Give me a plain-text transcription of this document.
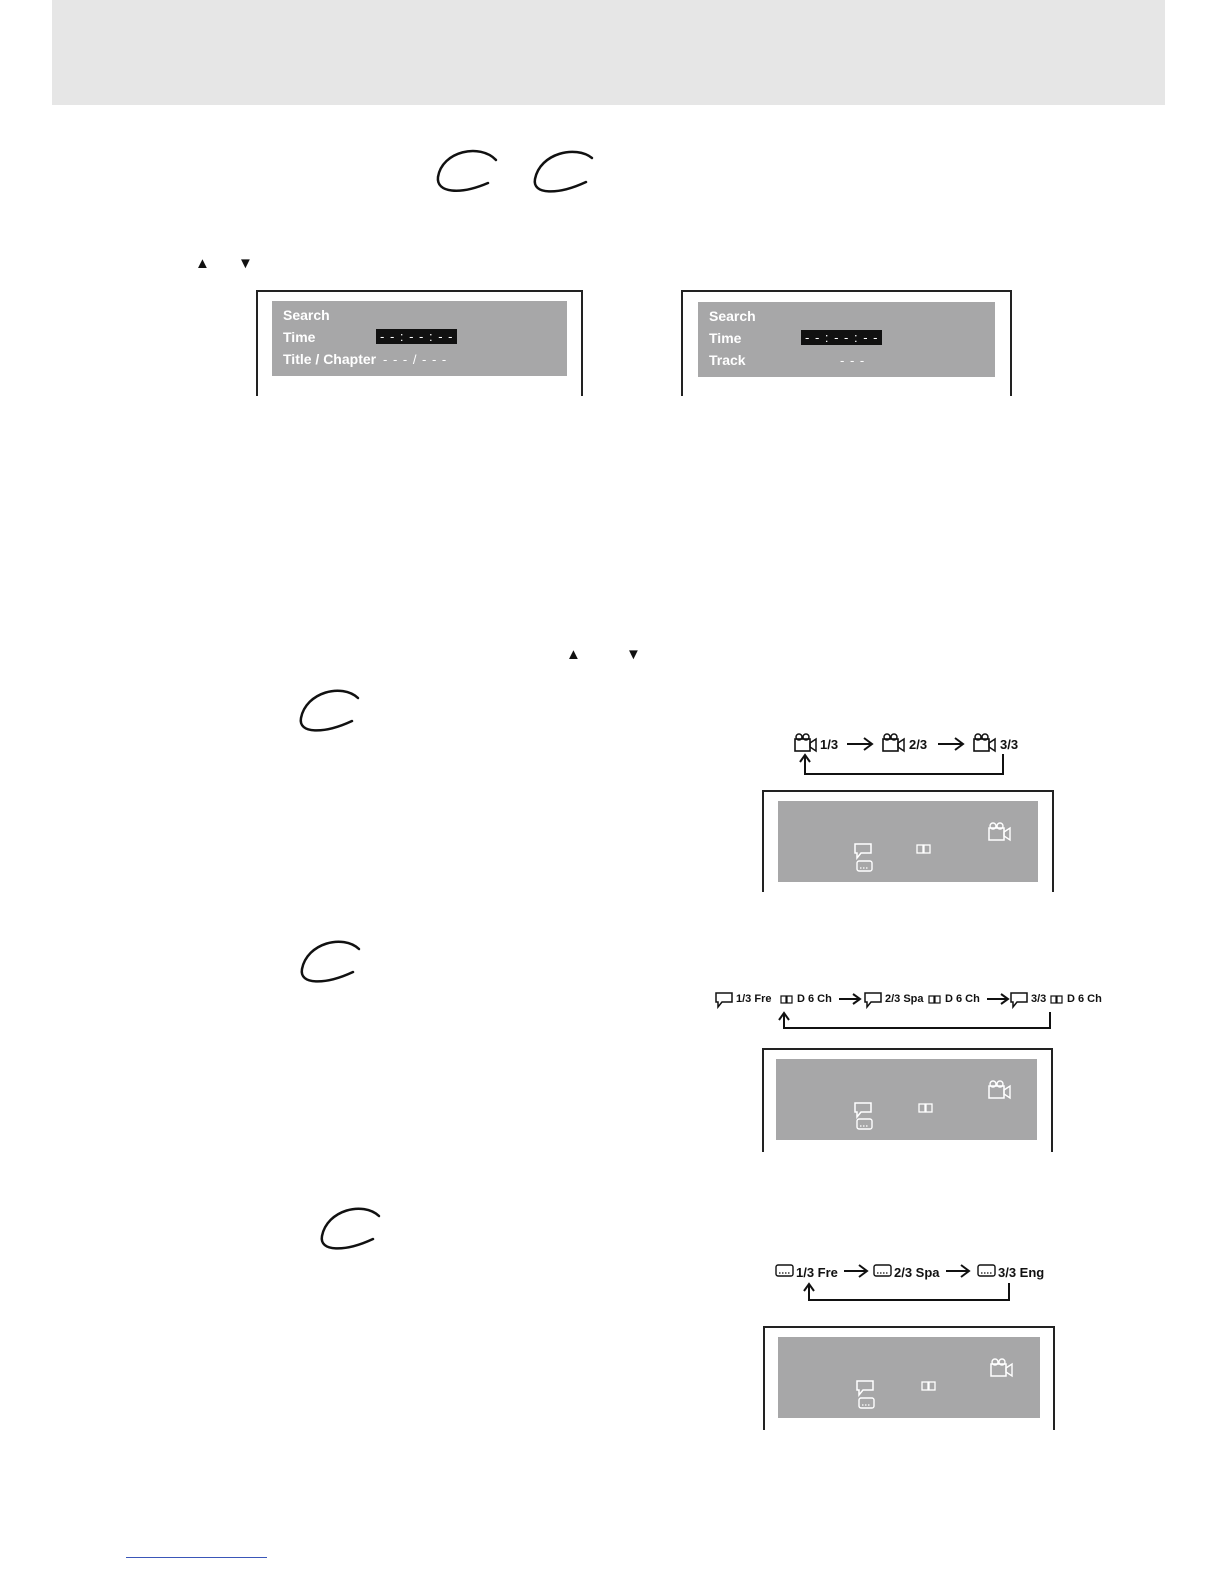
▲ ▼
Search
Time	- - : - - : - -
Title / Chapter - - - / - - -
Search
Time	- - : - - : - -
Track	- - -
▲	▼
1/3	2/3	3/3
1/3 Fre D 6 Ch	2/3 Spa D 6 Ch	3/3 D 6 Ch
1/3 Fre	2/3 Spa	3/3 Eng
